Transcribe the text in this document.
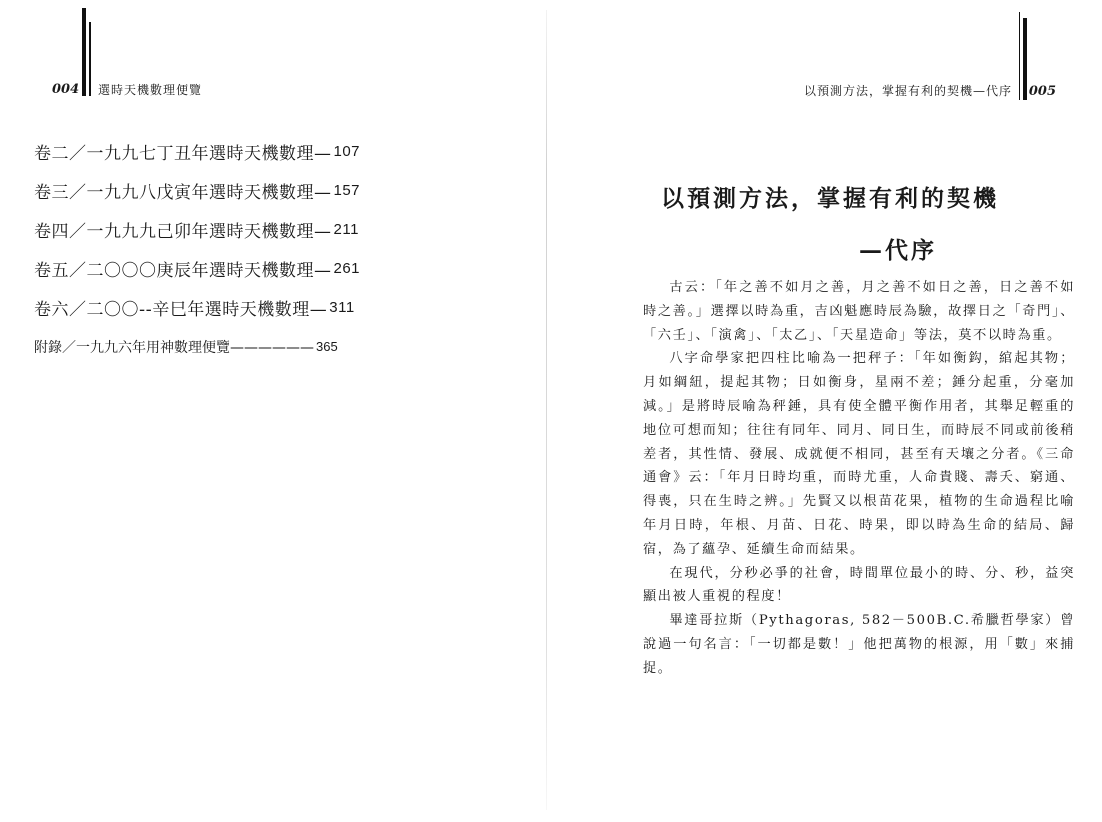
004 選時天機數理便覽
卷二／一九九七丁丑年選時天機數理— 107
卷三／一九九八戊寅年選時天機數理— 157
卷四／一九九九己卯年選時天機數理— 211
卷五／二〇〇〇庚辰年選時天機數理— 261
卷六／二〇〇--辛巳年選時天機數理— 311
附錄／一九九六年用神數理便覽—————— 365
以預測方法，掌握有利的契機—代序 005
以預測方法，掌握有利的契機
—代序

古云：「年之善不如月之善，月之善不如日之善，日之善不如時之善。」選擇以時為重，吉凶魁應時辰為驗，故擇日之「奇門」、「六壬」、「演禽」、「太乙」、「天星造命」等法，莫不以時為重。

八字命學家把四柱比喻為一把秤子：「年如衡鈎，綰起其物；月如綱紐，提起其物；日如衡身，星兩不差；錘分起重，分毫加減。」是將時辰喻為秤錘，具有使全體平衡作用者，其舉足輕重的地位可想而知；往往有同年、同月、同日生，而時辰不同或前後稍差者，其性情、發展、成就便不相同，甚至有天壤之分者。《三命通會》云：「年月日時均重，而時尤重，人命貴賤、壽夭、窮通、得喪，只在生時之辨。」先賢又以根苗花果，植物的生命過程比喻年月日時，年根、月苗、日花、時果，即以時為生命的結局、歸宿，為了蘊孕、延續生命而結果。

在現代，分秒必爭的社會，時間單位最小的時、分、秒，益突顯出被人重視的程度！

畢達哥拉斯（Pythagoras, 582－500B.C.希臘哲學家）曾說過一句名言：「一切都是數！」他把萬物的根源，用「數」來捕捉。
